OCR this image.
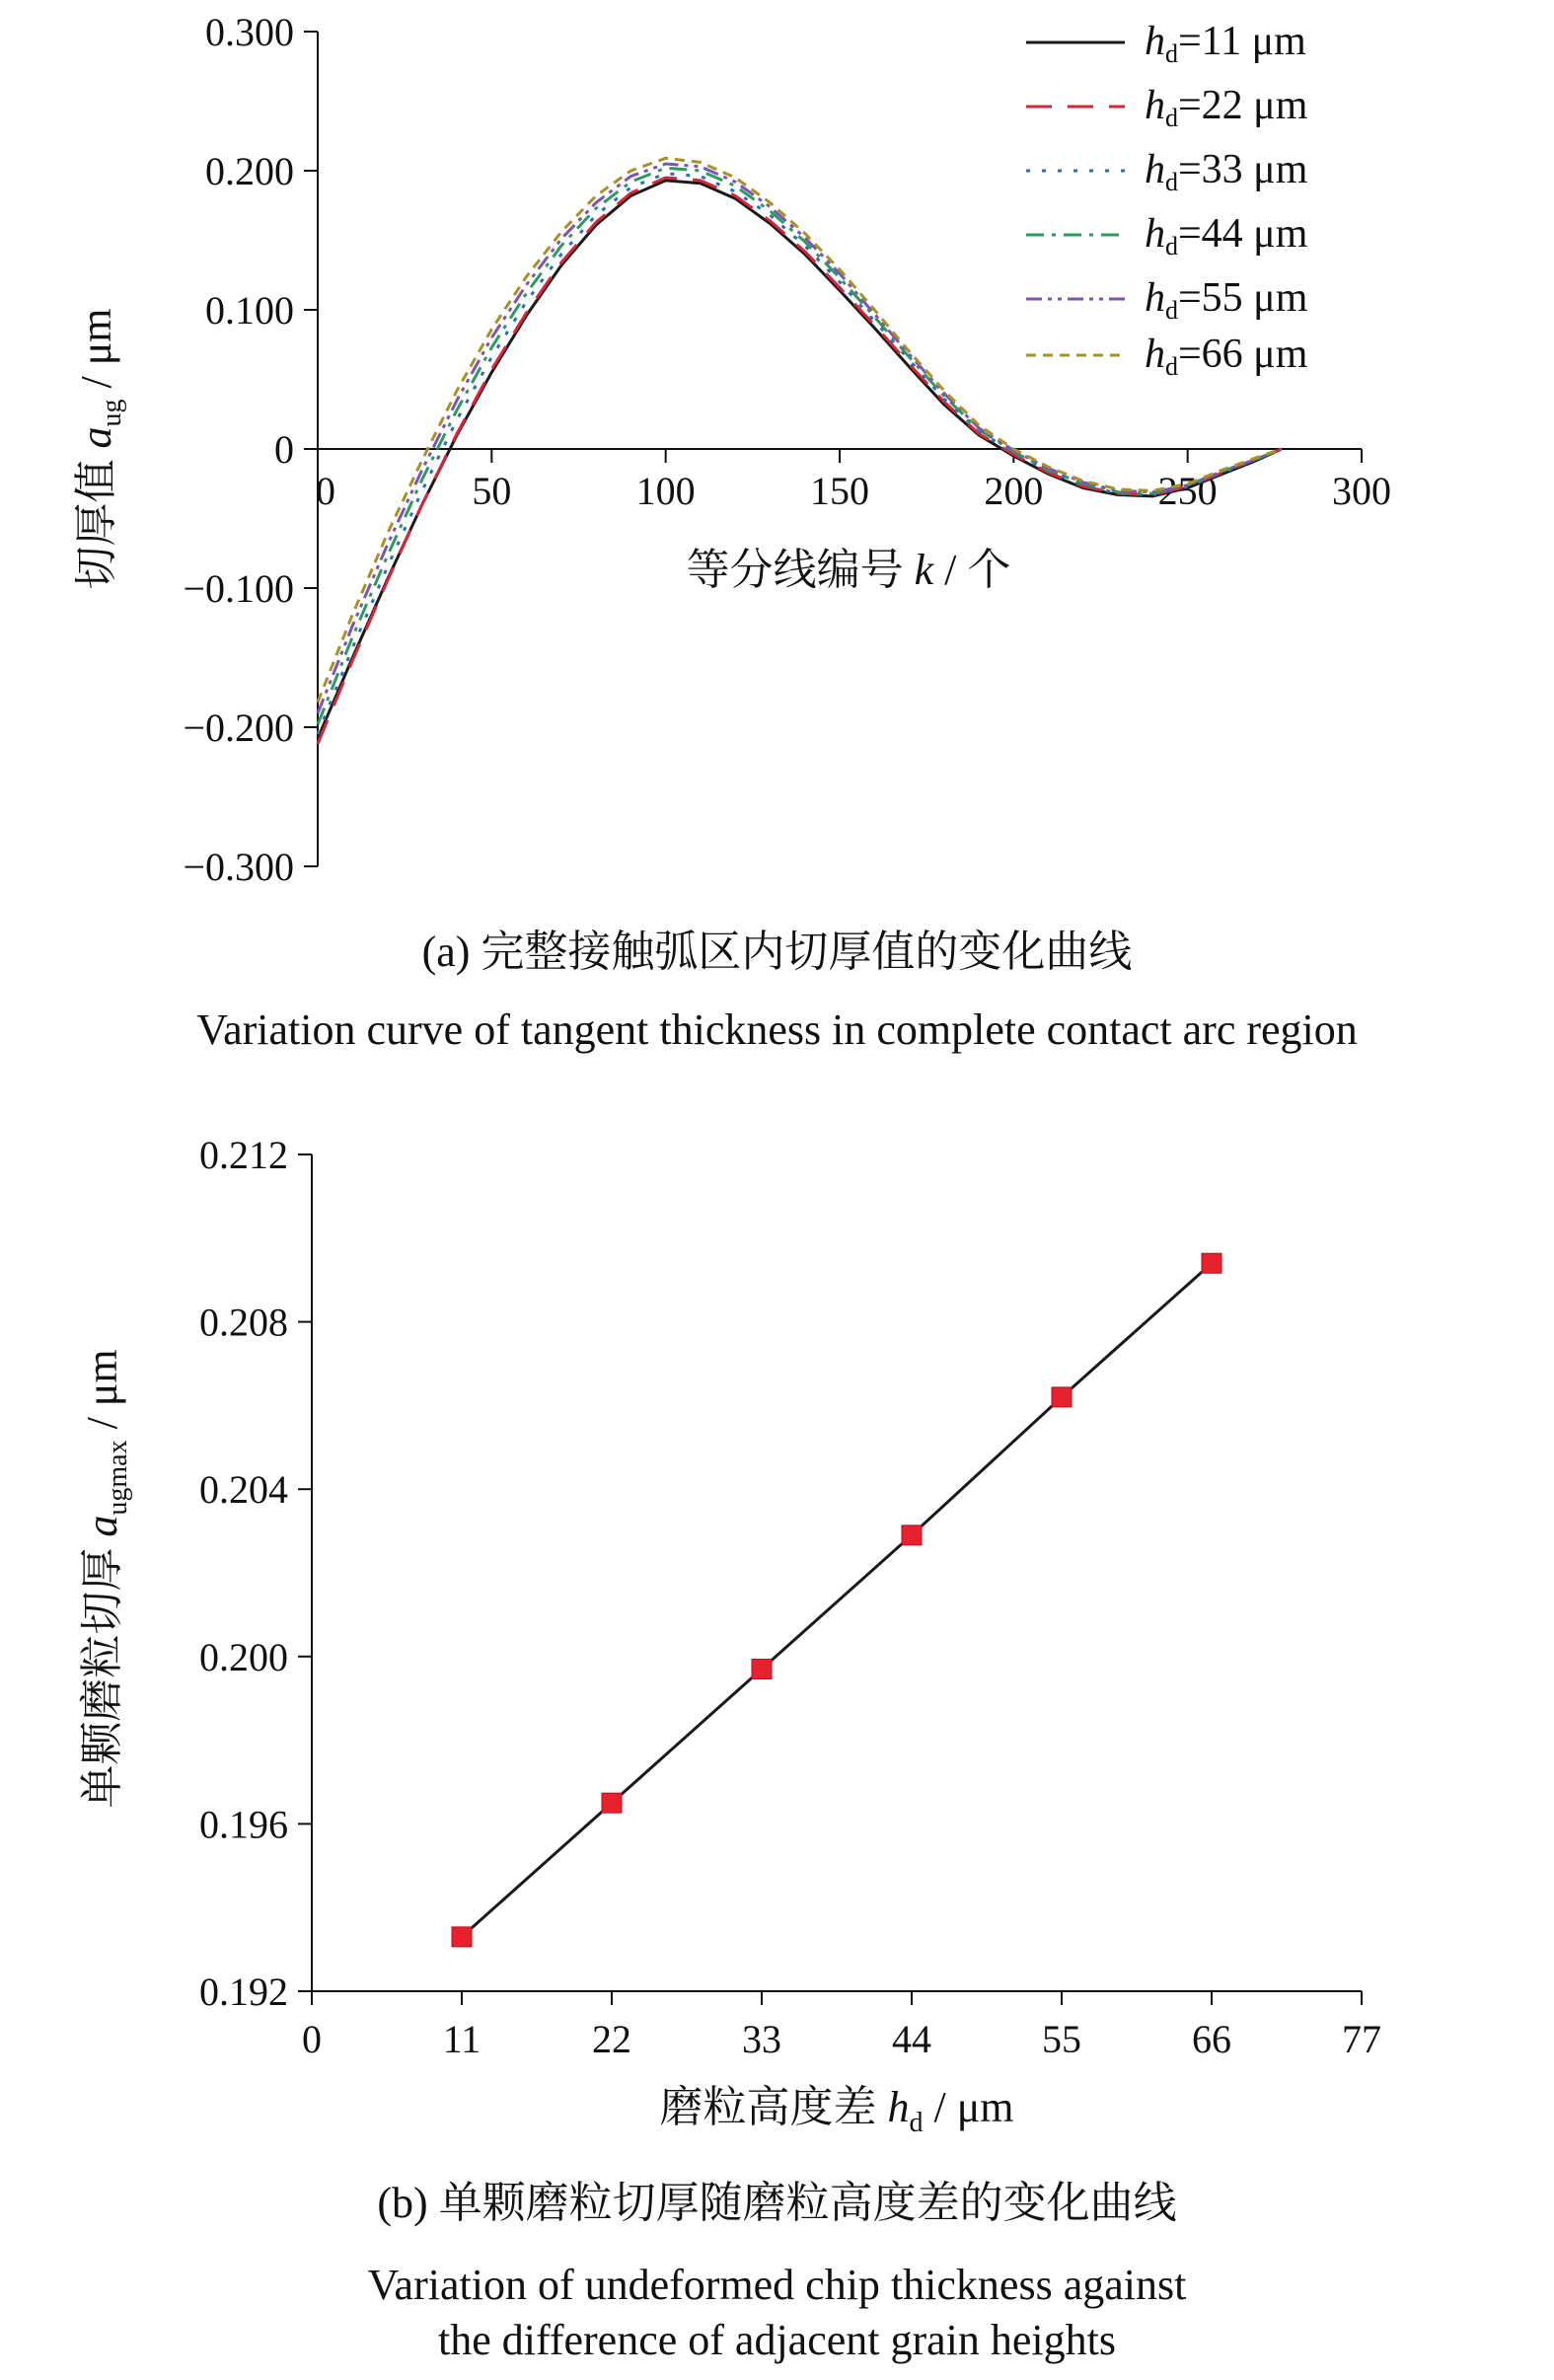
0.300
0.200
0.100
0
−0.100
−0.200
−0.300
0	50	100	150	200	250	300
等分线编号 k / 个
切厚值 $a_{ug}$ / μm
hd=11 μm
hd=22 μm
hd=33 μm
hd=44 μm
hd=55 μm
hd=66 μm
(a) 完整接触弧区内切厚值的变化曲线
Variation curve of tangent thickness in complete contact arc region
0.212
0.208
0.204
0.200
0.196
0.192
0	11	22	33	44	55	66	77
磨粒高度差 $h_d$ / μm
单颗磨粒切厚 $a_{ugmax}$ / μm
(b) 单颗磨粒切厚随磨粒高度差的变化曲线
Variation of undeformed chip thickness against
the difference of adjacent grain heights
